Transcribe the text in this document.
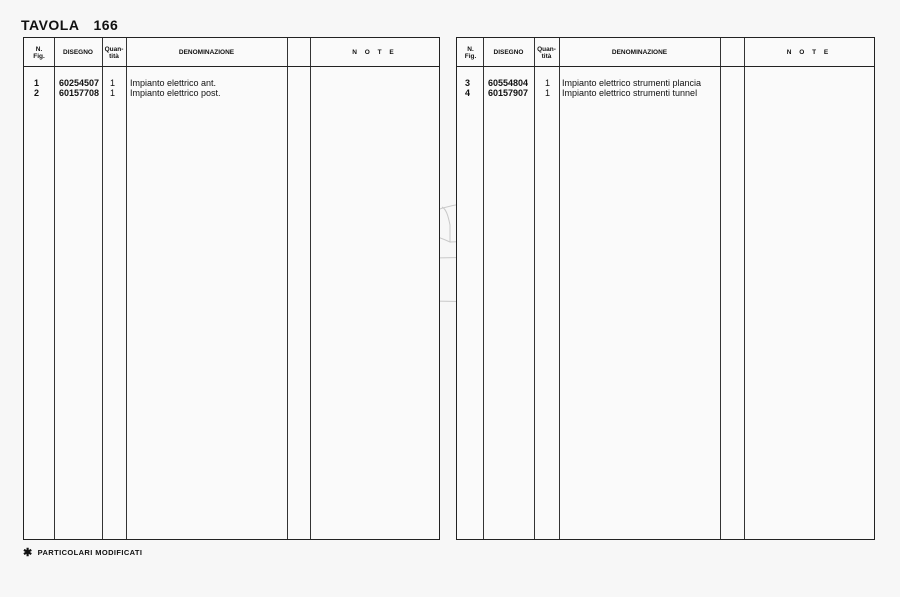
TAVOLA 166
N.
Fig.
DISEGNO
Quan-
tità
DENOMINAZIONE	N O T E
1 60254507 1 Impianto elettrico ant.
2 60157708 1 Impianto elettrico post.
N.
Fig.
DISEGNO
Quan-
tità
DENOMINAZIONE	N O T E
3 60554804 1 Impianto elettrico strumenti plancia
4 60157907 1 Impianto elettrico strumenti tunnel
✱ PARTICOLARI MODIFICATI
